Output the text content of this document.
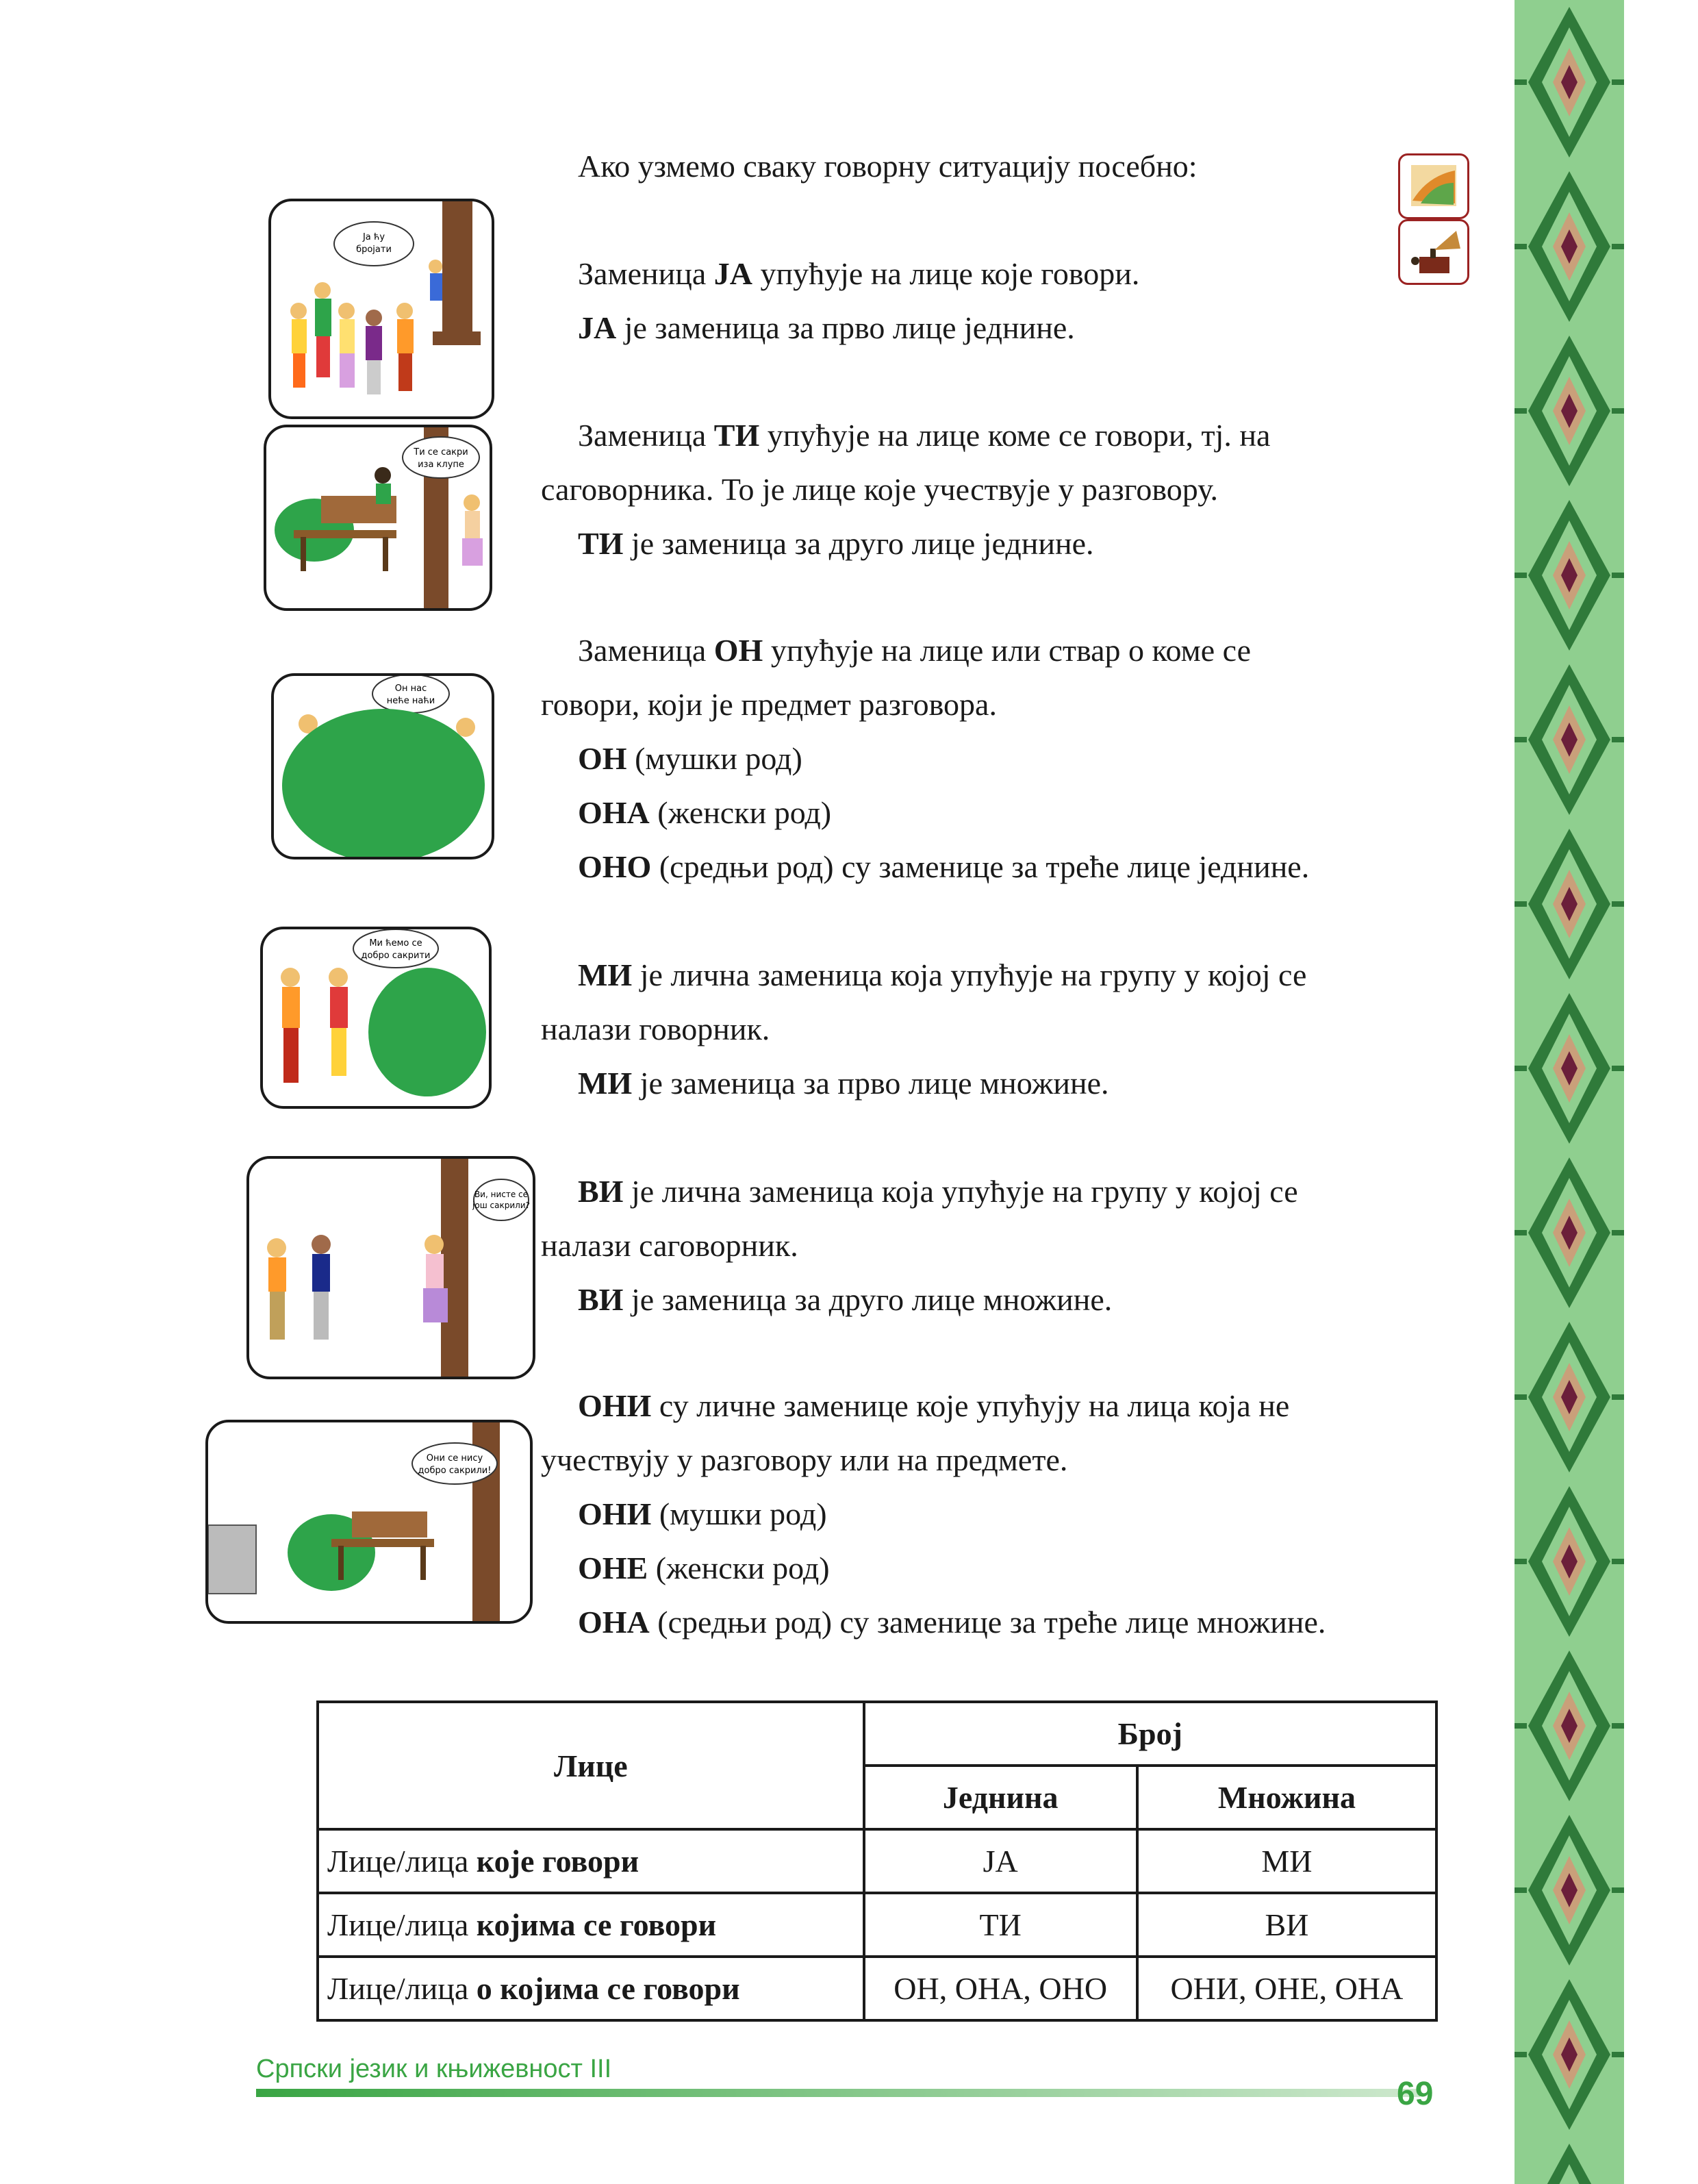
Ја ћу
бројати
Ти се сакри
иза клупе
Он нас
неће наћи
Ми ћемо се
добро сакрити
Ви, нисте се
још сакрили?
Они се нису
добро сакрили!

Ако узмемо сваку говорну ситуацију посебно:

Заменица ЈА упућује на лице које говори.

ЈА је заменица за прво лице једнине.

Заменица ТИ упућује на лице коме се говори, тј. на

саговорника. То је лице које учествује у разговору.

ТИ је заменица за друго лице једнине.

Заменица ОН упућује на лице или ствар о коме се

говори, који је предмет разговора.

ОН (мушки род)

ОНА (женски род)

ОНО (средњи род) су заменице за треће лице једнине.

МИ је лична заменица која упућује на групу у којој се

налази говорник.

МИ је заменица за прво лице множине.

ВИ је лична заменица која упућује на групу у којој се

налази саговорник.

ВИ је заменица за друго лице множине.

ОНИ су личне заменице које упућују на лица која не

учествују у разговору или на предмете.

ОНИ (мушки род)

ОНЕ (женски род)

ОНА (средњи род) су заменице за треће лице множине.

Лице	Број	
	Једнина	Множина
Лице/лица које говори	ЈА	МИ
Лице/лица којима се говори	ТИ	ВИ
Лице/лица о којима се говори	ОН, ОНА, ОНО	ОНИ, ОНЕ, ОНА
Српски језик и књижевност III
69
